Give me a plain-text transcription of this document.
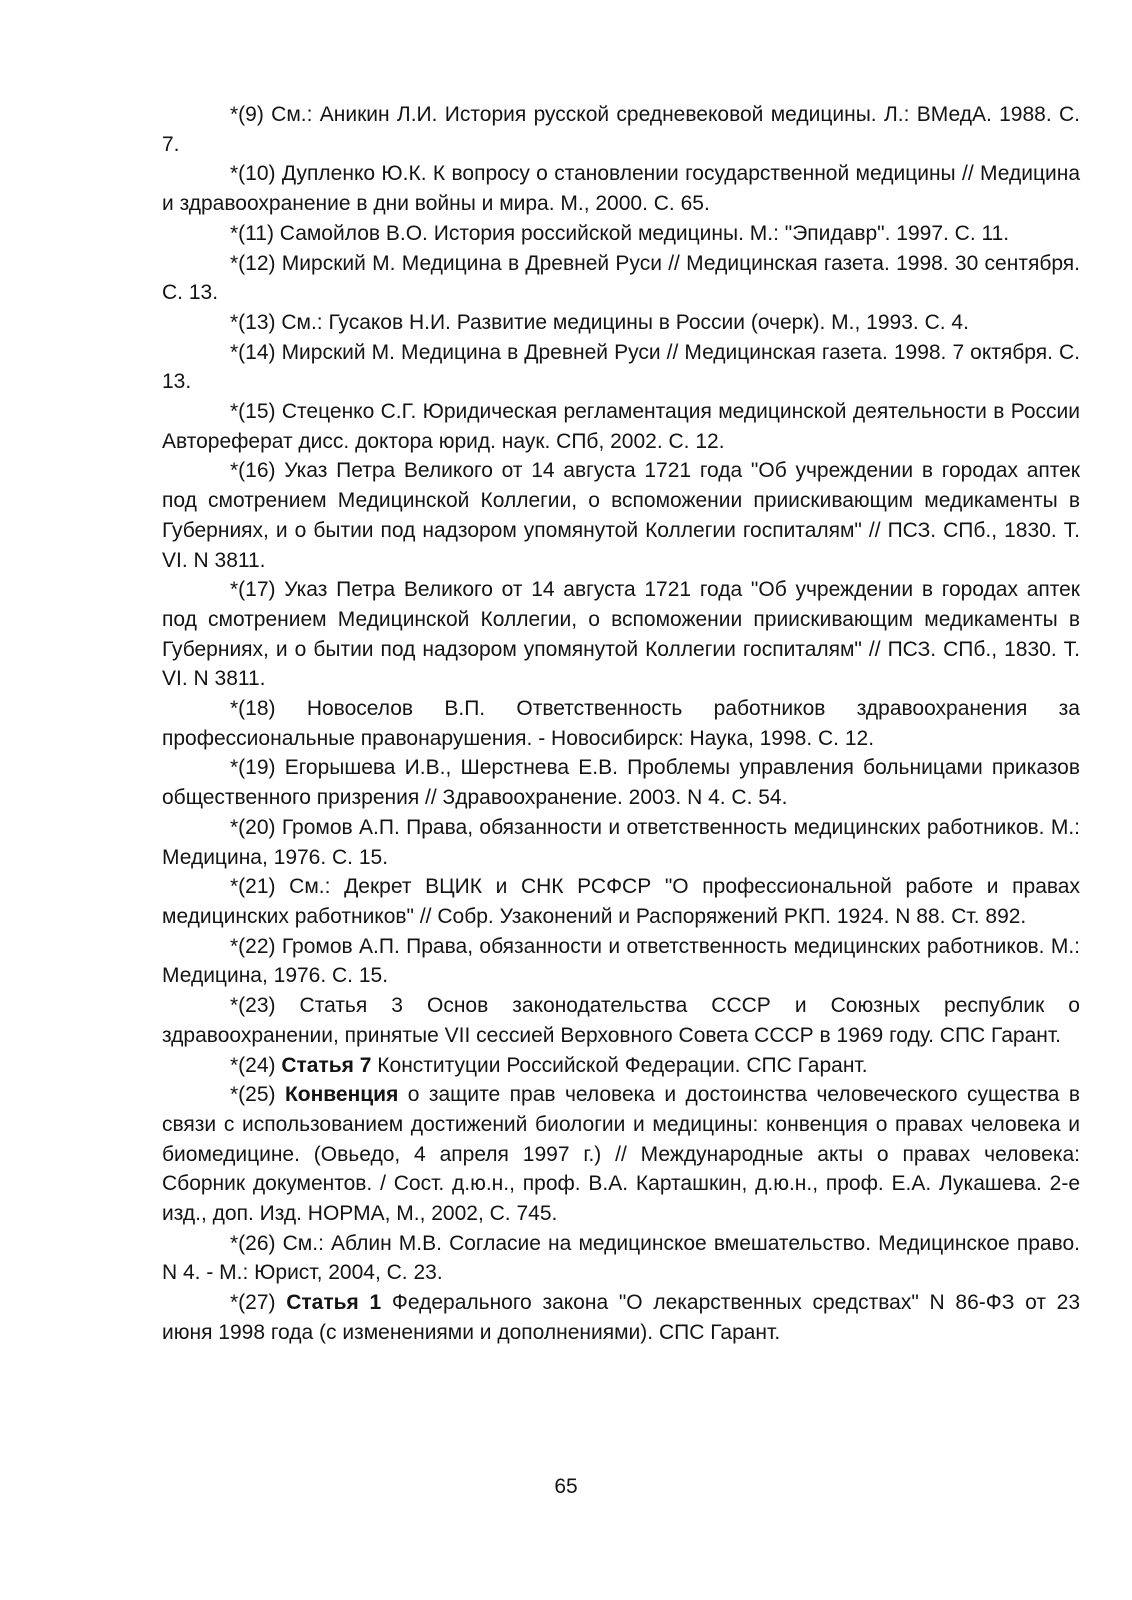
*(9) См.: Аникин Л.И. История русской средневековой медицины. Л.: ВМедА. 1988. С. 7.

*(10) Дупленко Ю.К. К вопросу о становлении государственной медицины // Медицина и здравоохранение в дни войны и мира. М., 2000. С. 65.

*(11) Самойлов В.О. История российской медицины. М.: "Эпидавр". 1997. С. 11.

*(12) Мирский М. Медицина в Древней Руси // Медицинская газета. 1998. 30 сентября. С. 13.

*(13) См.: Гусаков Н.И. Развитие медицины в России (очерк). М., 1993. С. 4.

*(14) Мирский М. Медицина в Древней Руси // Медицинская газета. 1998. 7 октября. С. 13.

*(15) Стеценко С.Г. Юридическая регламентация медицинской деятельности в России Автореферат дисс. доктора юрид. наук. СПб, 2002. С. 12.

*(16) Указ Петра Великого от 14 августа 1721 года "Об учреждении в городах аптек под смотрением Медицинской Коллегии, о вспоможении приискивающим медикаменты в Губерниях, и о бытии под надзором упомянутой Коллегии госпиталям" // ПСЗ. СПб., 1830. Т. VI. N 3811.

*(17) Указ Петра Великого от 14 августа 1721 года "Об учреждении в городах аптек под смотрением Медицинской Коллегии, о вспоможении приискивающим медикаменты в Губерниях, и о бытии под надзором упомянутой Коллегии госпиталям" // ПСЗ. СПб., 1830. Т. VI. N 3811.

*(18) Новоселов В.П. Ответственность работников здравоохранения за профессиональные правонарушения. - Новосибирск: Наука, 1998. С. 12.

*(19) Егорышева И.В., Шерстнева Е.В. Проблемы управления больницами приказов общественного призрения // Здравоохранение. 2003. N 4. С. 54.

*(20) Громов А.П. Права, обязанности и ответственность медицинских работников. М.: Медицина, 1976. С. 15.

*(21) См.: Декрет ВЦИК и СНК РСФСР "О профессиональной работе и правах медицинских работников" // Собр. Узаконений и Распоряжений РКП. 1924. N 88. Ст. 892.

*(22) Громов А.П. Права, обязанности и ответственность медицинских работников. М.: Медицина, 1976. С. 15.

*(23) Статья 3 Основ законодательства СССР и Союзных республик о здравоохранении, принятые VII сессией Верховного Совета СССР в 1969 году. СПС Гарант.

*(24) Статья 7 Конституции Российской Федерации. СПС Гарант.

*(25) Конвенция о защите прав человека и достоинства человеческого существа в связи с использованием достижений биологии и медицины: конвенция о правах человека и биомедицине. (Овьедо, 4 апреля 1997 г.) // Международные акты о правах человека: Сборник документов. / Сост. д.ю.н., проф. В.А. Карташкин, д.ю.н., проф. Е.А. Лукашева. 2-е изд., доп. Изд. НОРМА, М., 2002, С. 745.

*(26) См.: Аблин М.В. Согласие на медицинское вмешательство. Медицинское право. N 4. - М.: Юрист, 2004, С. 23.

*(27) Статья 1 Федерального закона "О лекарственных средствах" N 86-ФЗ от 23 июня 1998 года (с изменениями и дополнениями). СПС Гарант.

65
